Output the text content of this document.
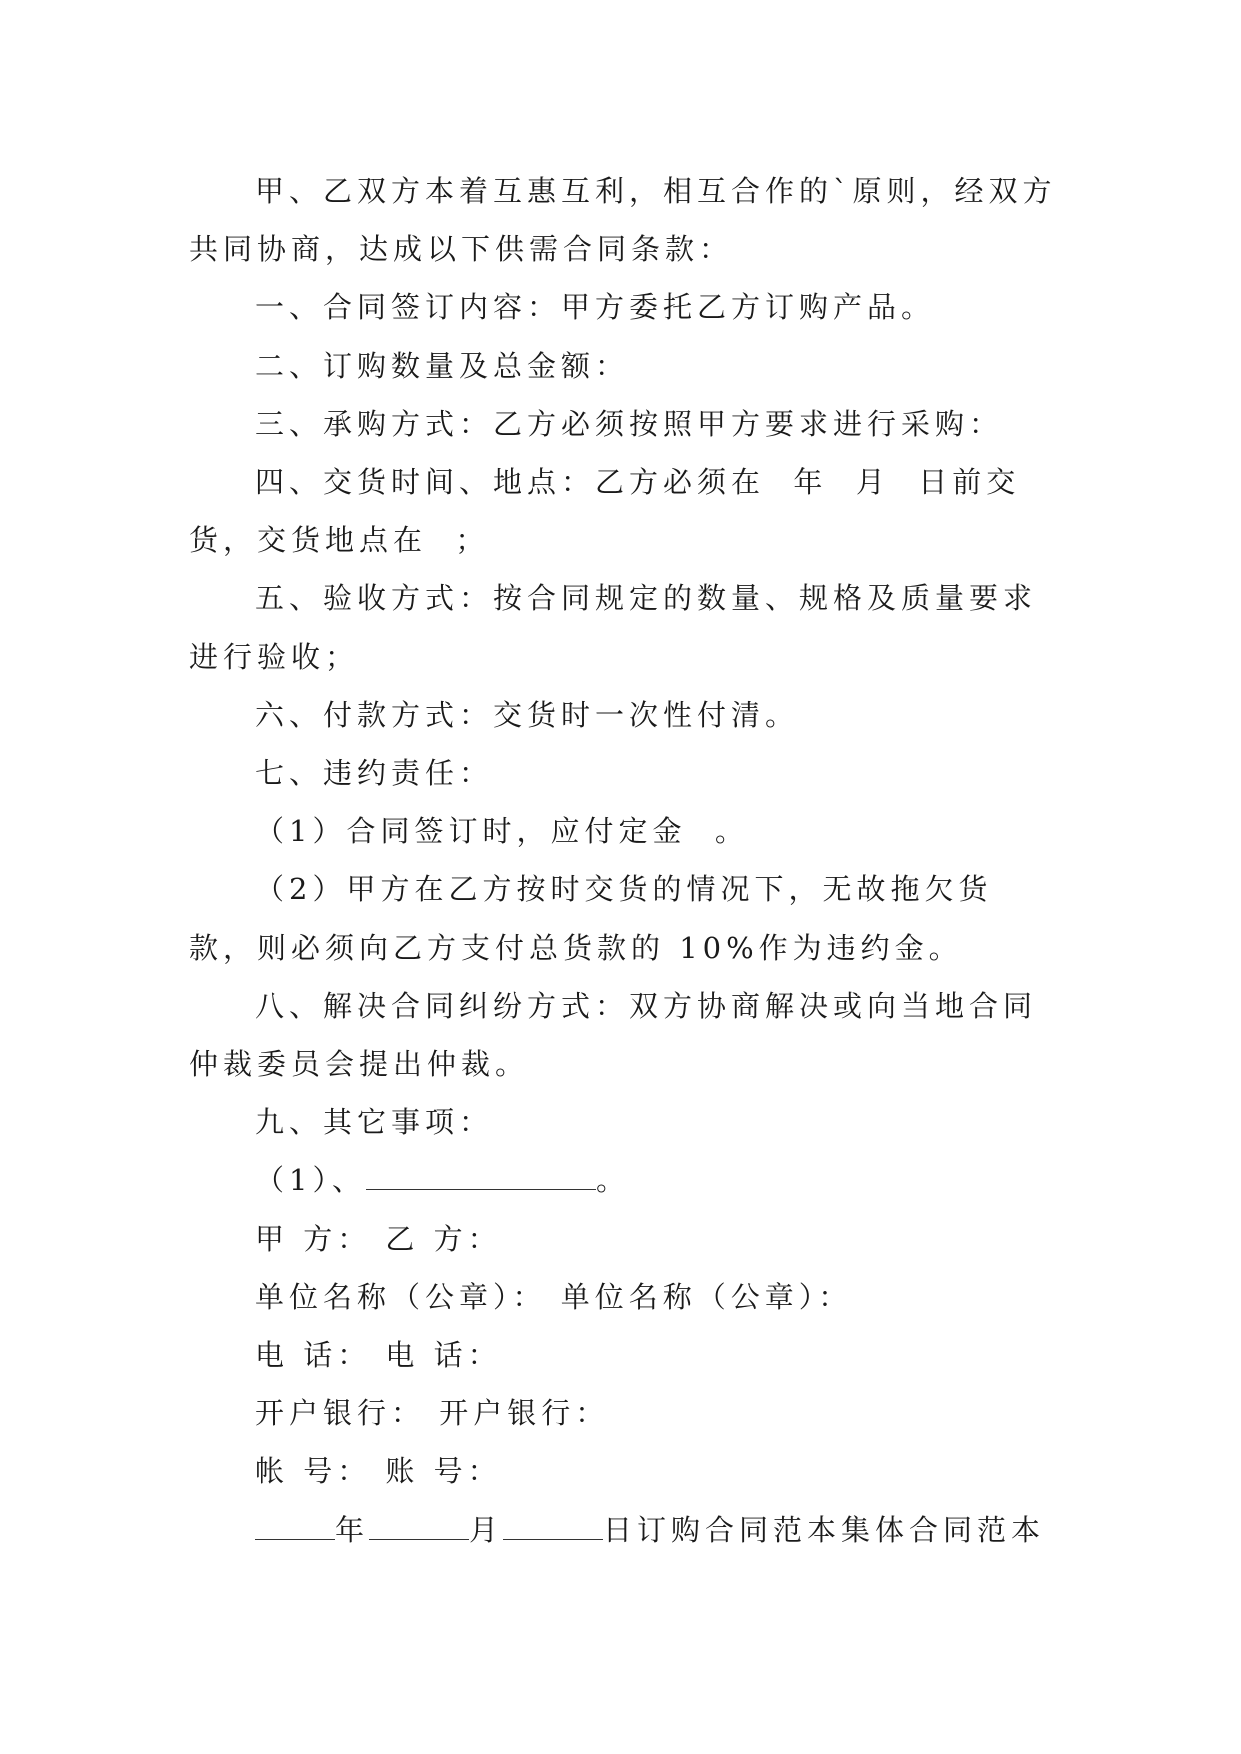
甲、乙双方本着互惠互利，相互合作的`原则，经双方共同协商，达成以下供需合同条款：

一、合同签订内容：甲方委托乙方订购产品。

二、订购数量及总金额：

三、承购方式：乙方必须按照甲方要求进行采购：

四、交货时间、地点：乙方必须在  年  月  日前交货，交货地点在  ；

五、验收方式：按合同规定的数量、规格及质量要求进行验收；

六、付款方式：交货时一次性付清。

七、违约责任：

（1）合同签订时，应付定金  。

（2）甲方在乙方按时交货的情况下，无故拖欠货款，则必须向乙方支付总货款的 10%作为违约金。

八、解决合同纠纷方式：双方协商解决或向当地合同仲裁委员会提出仲裁。

九、其它事项：

（1）、	。

甲 方： 乙 方：

单位名称（公章）： 单位名称（公章）：

电 话： 电 话：

开户银行： 开户银行：

帐 号： 账 号：

年	月	日订购合同范本集体合同范本
